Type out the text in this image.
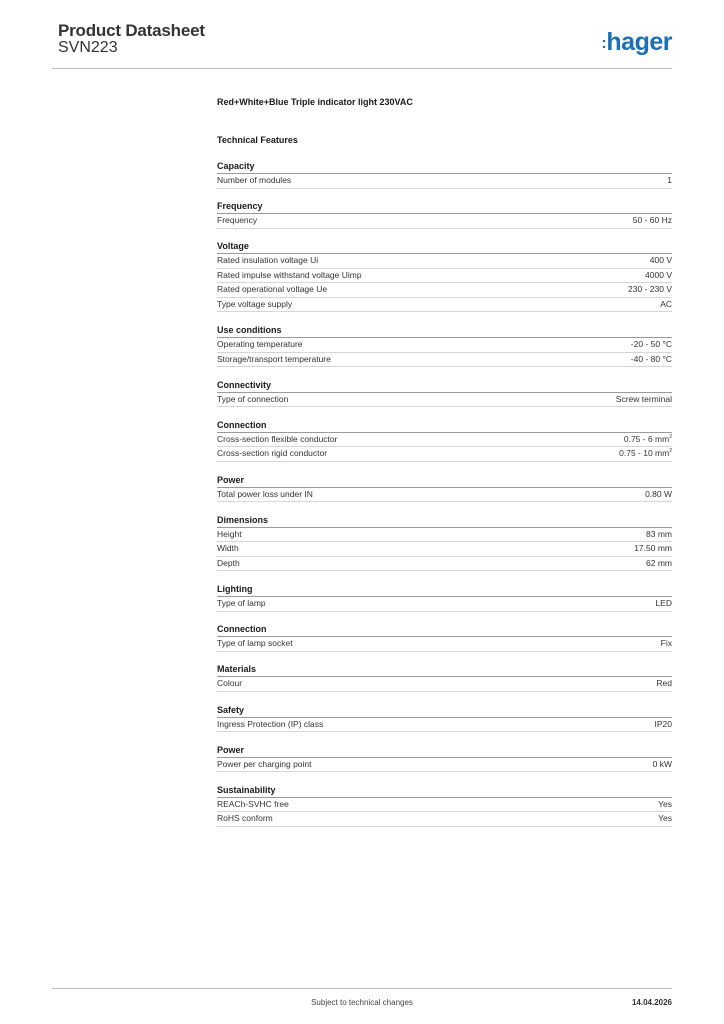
Product Datasheet
SVN223	:hager
Red+White+Blue Triple indicator light 230VAC
Technical Features
Capacity
Number of modules	1
Frequency
Frequency	50 - 60 Hz
Voltage
Rated insulation voltage Ui	400 V
Rated impulse withstand voltage Uimp	4000 V
Rated operational voltage Ue	230 - 230 V
Type voltage supply	AC
Use conditions
Operating temperature	-20 - 50 °C
Storage/transport temperature	-40 - 80 °C
Connectivity
Type of connection	Screw terminal
Connection
Cross-section flexible conductor	0.75 - 6 $mm^2$
Cross-section rigid conductor	0.75 - 10 $mm^2$
Power
Total power loss under IN	0.80 W
Dimensions
Height	83 mm
Width	17.50 mm
Depth	62 mm
Lighting
Type of lamp	LED
Connection
Type of lamp socket	Fix
Materials
Colour	Red
Safety
Ingress Protection (IP) class	IP20
Power
Power per charging point	0 kW
Sustainability
REACh-SVHC free	Yes
RoHS conform	Yes
Subject to technical changes	14.04.2026
